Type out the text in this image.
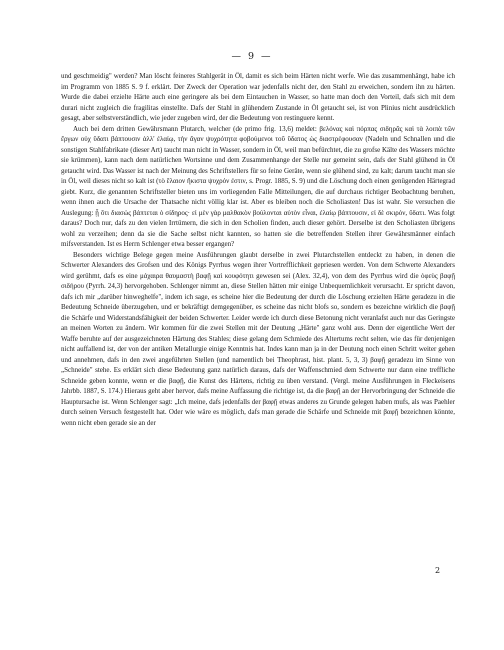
— 9 —

und geschmeidig" werden? Man löscht feineres Stahlgerät in Öl, damit es sich beim Härten nicht werfe. Wie das zusammenhängt, habe ich im Programm von 1885 S. 9 f. erklärt. Der Zweck der Operation war jedenfalls nicht der, den Stahl zu erweichen, sondern ihn zu härten. Wurde die dabei erzielte Härte auch eine geringere als bei dem Eintauchen in Wasser, so hatte man doch den Vorteil, dafs sich mit dem durari nicht zugleich die fragilitas einstellte. Dafs der Stahl in glühendem Zustande in Öl getaucht sei, ist von Plinius nicht ausdrücklich gesagt, aber selbstverständlich, wie jeder zugeben wird, der die Bedeutung von restinguere kennt.

Auch bei dem dritten Gewährsmann Plutarch, welcher (de primo frig. 13,6) meldet: βελόνας καὶ πόρπας σιδηρᾶς καὶ τὰ λοιπὰ τῶν ἔργων οὐχ ὕδατι βάπτουσιν ἀλλ' ἐλαίῳ, τὴν ἄγαν ψυχρότητα φοβούμενοι τοῦ ὕδατος ὡς διαστρέφουσαν (Nadeln und Schnallen und die sonstigen Stahlfabrikate (dieser Art) taucht man nicht in Wasser, sondern in Öl, weil man befürchtet, die zu grofse Kälte des Wassers möchte sie krümmen), kann nach dem natürlichen Wortsinne und dem Zusammenhange der Stelle nur gemeint sein, dafs der Stahl glühend in Öl getaucht wird. Das Wasser ist nach der Meinung des Schriftstellers für so feine Geräte, wenn sie glühend sind, zu kalt; darum taucht man sie in Öl, weil dieses nicht so kalt ist (τὸ ἔλαιον ἥκιστα ψυχρόν ἐστιν, s. Progr. 1885, S. 9) und die Löschung doch einen genügenden Härtegrad giebt. Kurz, die genannten Schriftsteller bieten uns im vorliegenden Falle Mitteilungen, die auf durchaus richtiger Beobachtung beruhen, wenn ihnen auch die Ursache der Thatsache nicht völlig klar ist. Aber es bleiben noch die Scholiasten! Das ist wahr. Sie versuchen die Auslegung: ᾗ ὅτι διασώς βάπτεται ὁ σίδηρος· εἰ μὲν γὰρ μαλθακὸν βούλονται αὐτὸν εἶναι, ἐλαίῳ βάπτουσιν, εἰ δὲ σκιρόν, ὕδατι. Was folgt daraus? Doch nur, dafs zu den vielen Irrtümern, die sich in den Scholien finden, auch dieser gehört. Derselbe ist den Scholiasten übrigens wohl zu verzeihen; denn da sie die Sache selbst nicht kannten, so hatten sie die betreffenden Stellen ihrer Gewährsmänner einfach mifsverstanden. Ist es Herrn Schlenger etwa besser ergangen?

Besonders wichtige Belege gegen meine Ausführungen glaubt derselbe in zwei Plutarchstellen entdeckt zu haben, in denen die Schwerter Alexanders des Grofsen und des Königs Pyrrhus wegen ihrer Vortrefflichkeit gepriesen werden. Von dem Schwerte Alexanders wird gerühmt, dafs es eine μάχαιρα θαυμαστὴ βαφῇ καὶ κουφότητι gewesen sei (Alex. 32,4), von dem des Pyrrhus wird die ὀφεὺς βαφῇ σιδήρου (Pyrrh. 24,3) hervorgehoben. Schlenger nimmt an, diese Stellen hätten mir einige Unbequemlichkeit verursacht. Er spricht davon, dafs ich mir „darüber hinweghelfe", indem ich sage, es scheine hier die Bedeutung der durch die Löschung erzielten Härte geradezu in die Bedeutung Schneide überzugehen, und er bekräftigt demgegenüber, es scheine das nicht blofs so, sondern es bezeichne wirklich die βαφῇ die Schärfe und Widerstandsfähigkeit der beiden Schwerter. Leider werde ich durch diese Betonung nicht veranlafst auch nur das Geringste an meinen Worten zu ändern. Wir kommen für die zwei Stellen mit der Deutung „Härte" ganz wohl aus. Denn der eigentliche Wert der Waffe beruhte auf der ausgezeichneten Härtung des Stahles; diese gelang dem Schmiede des Altertums recht selten, wie das für denjenigen nicht auffallend ist, der von der antiken Metallurgie einige Kenntnis hat. Indes kann man ja in der Deutung noch einen Schritt weiter gehen und annehmen, dafs in den zwei angeführten Stellen (und namentlich bei Theophrast, hist. plant. 5, 3, 3) βαφῇ geradezu im Sinne von „Schneide" stehe. Es erklärt sich diese Bedeutung ganz natürlich daraus, dafs der Waffenschmied dem Schwerte nur dann eine treffliche Schneide geben konnte, wenn er die βαφῇ, die Kunst des Härtens, richtig zu üben verstand. (Vergl. meine Ausführungen in Fleckeisens Jahrbb. 1887, S. 174.) Hieraus geht aber hervor, dafs meine Auffassung die richtige ist, da die βαφῇ an der Hervorbringung der Schneide die Hauptursache ist. Wenn Schlenger sagt: „Ich meine, dafs jedenfalls der βαφῇ etwas anderes zu Grunde gelegen haben mufs, als was Paehler durch seinen Versuch festgestellt hat. Oder wie wäre es möglich, dafs man gerade die Schärfe und Schneide mit βαφῇ bezeichnen könnte, wenn nicht eben gerade sie an der

2
